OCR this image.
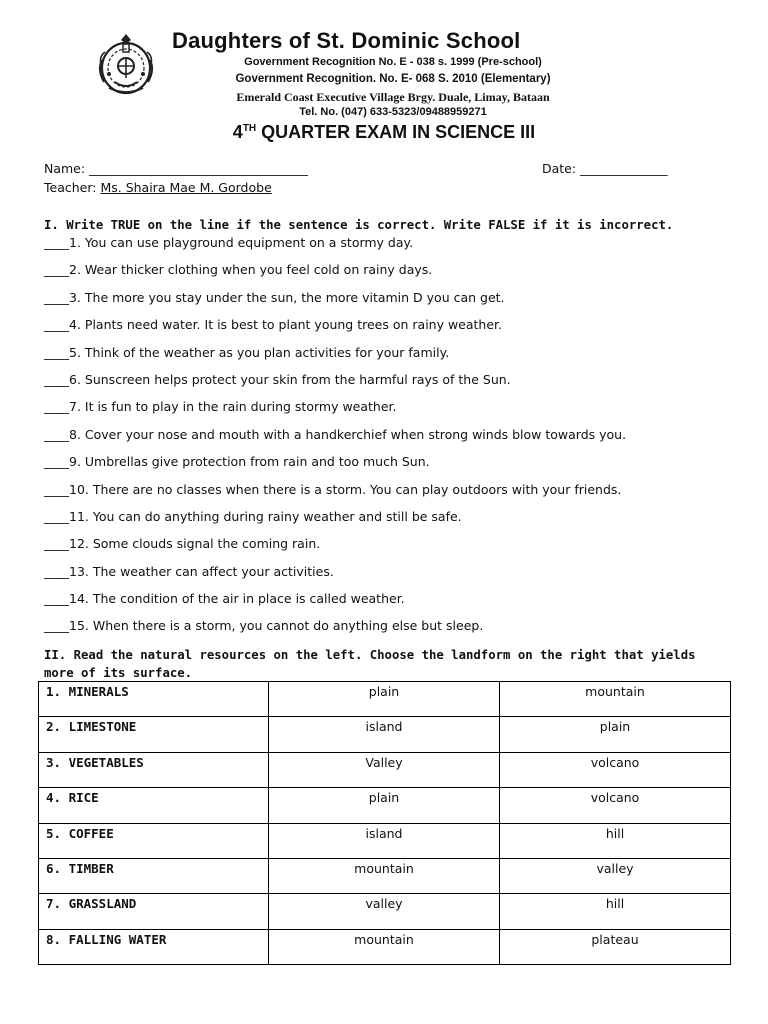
Daughters of St. Dominic School
Government Recognition No. E - 038 s. 1999 (Pre-school)
Government Recognition. No. E- 068 S. 2010 (Elementary)
Emerald Coast Executive Village Brgy. Duale, Limay, Bataan
Tel. No. (047) 633-5323/09488959271
4TH QUARTER EXAM IN SCIENCE III
Name: ___________________________________	Date: ______________
Teacher: Ms. Shaira Mae M. Gordobe
I. Write TRUE on the line if the sentence is correct. Write FALSE if it is incorrect.
____1. You can use playground equipment on a stormy day.
____2. Wear thicker clothing when you feel cold on rainy days.
____3. The more you stay under the sun, the more vitamin D you can get.
____4. Plants need water. It is best to plant young trees on rainy weather.
____5. Think of the weather as you plan activities for your family.
____6. Sunscreen helps protect your skin from the harmful rays of the Sun.
____7. It is fun to play in the rain during stormy weather.
____8. Cover your nose and mouth with a handkerchief when strong winds blow towards you.
____9. Umbrellas give protection from rain and too much Sun.
____10. There are no classes when there is a storm. You can play outdoors with your friends.
____11. You can do anything during rainy weather and still be safe.
____12. Some clouds signal the coming rain.
____13. The weather can affect your activities.
____14. The condition of the air in place is called weather.
____15. When there is a storm, you cannot do anything else but sleep.
II. Read the natural resources on the left. Choose the landform on the right that yields more of its surface.
1. MINERALS	plain	mountain
2. LIMESTONE	island	plain
3. VEGETABLES	Valley	volcano
4. RICE	plain	volcano
5. COFFEE	island	hill
6. TIMBER	mountain	valley
7. GRASSLAND	valley	hill
8. FALLING WATER	mountain	plateau
